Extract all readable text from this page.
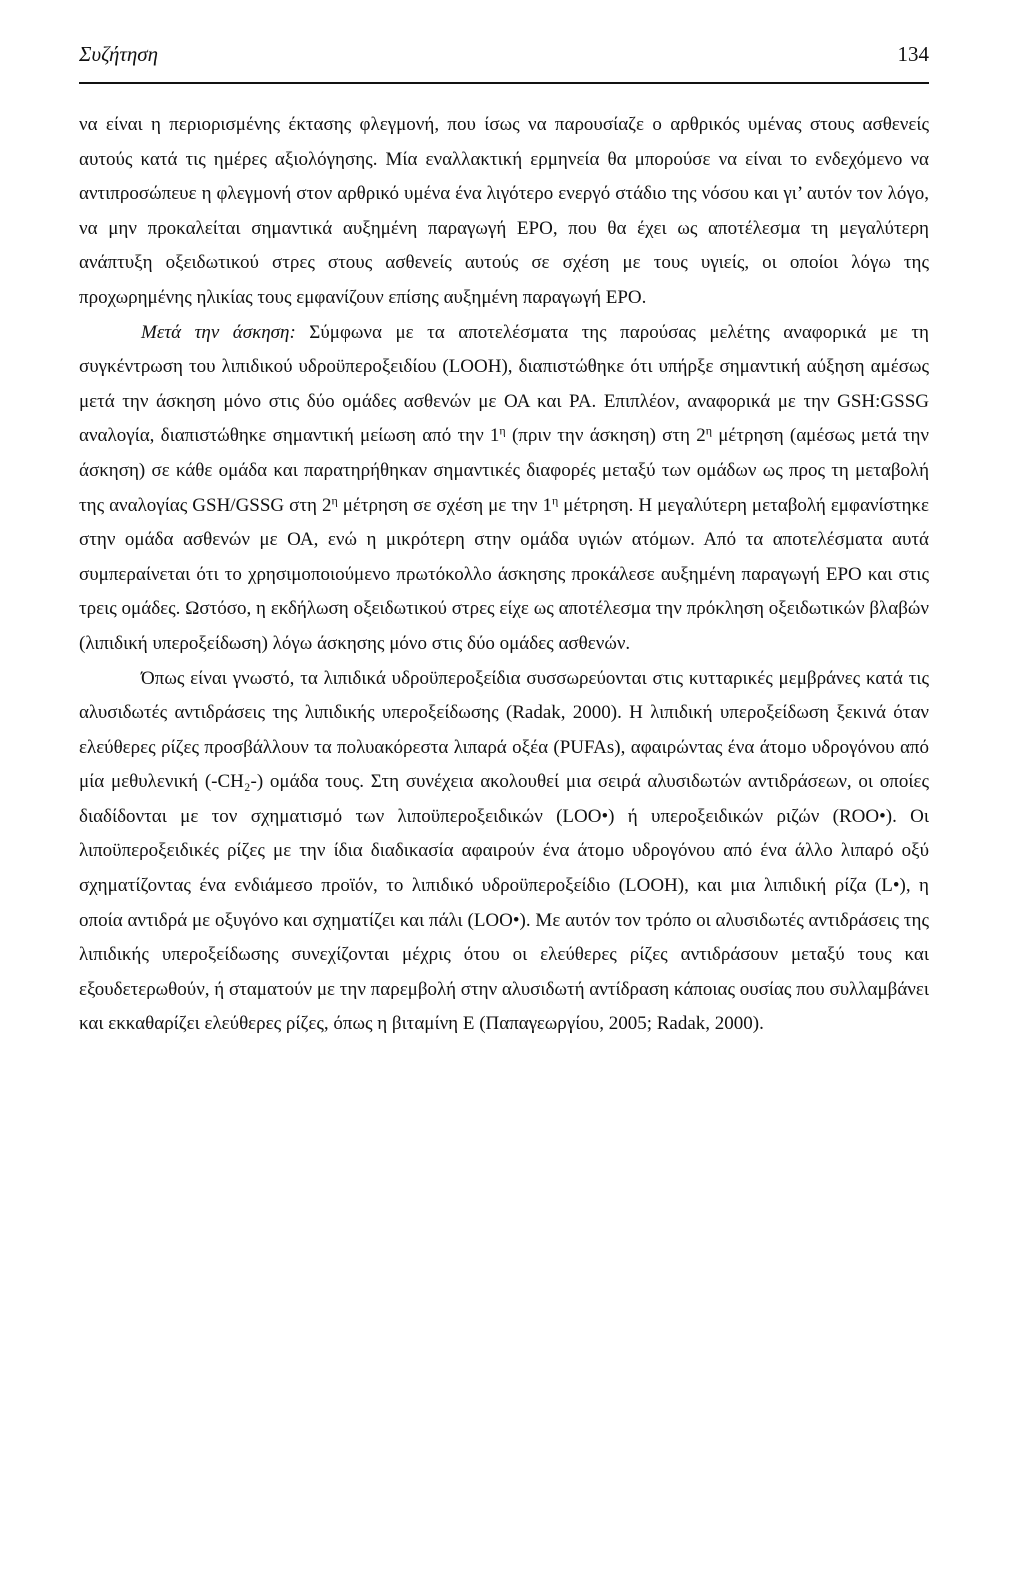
Συζήτηση	134

να είναι η περιορισμένης έκτασης φλεγμονή, που ίσως να παρουσίαζε ο αρθρικός υμένας στους ασθενείς αυτούς κατά τις ημέρες αξιολόγησης. Μία εναλλακτική ερμηνεία θα μπορούσε να είναι το ενδεχόμενο να αντιπροσώπευε η φλεγμονή στον αρθρικό υμένα ένα λιγότερο ενεργό στάδιο της νόσου και γι’ αυτόν τον λόγο, να μην προκαλείται σημαντικά αυξημένη παραγωγή ΕΡΟ, που θα έχει ως αποτέλεσμα τη μεγαλύτερη ανάπτυξη οξειδωτικού στρες στους ασθενείς αυτούς σε σχέση με τους υγιείς, οι οποίοι λόγω της προχωρημένης ηλικίας τους εμφανίζουν επίσης αυξημένη παραγωγή ΕΡΟ.

Μετά την άσκηση: Σύμφωνα με τα αποτελέσματα της παρούσας μελέτης αναφορικά με τη συγκέντρωση του λιπιδικού υδροϋπεροξειδίου (LOOH), διαπιστώθηκε ότι υπήρξε σημαντική αύξηση αμέσως μετά την άσκηση μόνο στις δύο ομάδες ασθενών με ΟΑ και ΡΑ. Επιπλέον, αναφορικά με την GSH:GSSG αναλογία, διαπιστώθηκε σημαντική μείωση από την $1^\eta$ (πριν την άσκηση) στη $2^\eta$ μέτρηση (αμέσως μετά την άσκηση) σε κάθε ομάδα και παρατηρήθηκαν σημαντικές διαφορές μεταξύ των ομάδων ως προς τη μεταβολή της αναλογίας GSH/GSSG στη $2^\eta$ μέτρηση σε σχέση με την $1^\eta$ μέτρηση. Η μεγαλύτερη μεταβολή εμφανίστηκε στην ομάδα ασθενών με ΟΑ, ενώ η μικρότερη στην ομάδα υγιών ατόμων. Από τα αποτελέσματα αυτά συμπεραίνεται ότι το χρησιμοποιούμενο πρωτόκολλο άσκησης προκάλεσε αυξημένη παραγωγή ΕΡΟ και στις τρεις ομάδες. Ωστόσο, η εκδήλωση οξειδωτικού στρες είχε ως αποτέλεσμα την πρόκληση οξειδωτικών βλαβών (λιπιδική υπεροξείδωση) λόγω άσκησης μόνο στις δύο ομάδες ασθενών.

Όπως είναι γνωστό, τα λιπιδικά υδροϋπεροξείδια συσσωρεύονται στις κυτταρικές μεμβράνες κατά τις αλυσιδωτές αντιδράσεις της λιπιδικής υπεροξείδωσης (Radak, 2000). Η λιπιδική υπεροξείδωση ξεκινά όταν ελεύθερες ρίζες προσβάλλουν τα πολυακόρεστα λιπαρά οξέα (PUFAs), αφαιρώντας ένα άτομο υδρογόνου από μία μεθυλενική (-CH₂-) ομάδα τους. Στη συνέχεια ακολουθεί μια σειρά αλυσιδωτών αντιδράσεων, οι οποίες διαδίδονται με τον σχηματισμό των λιποϋπεροξειδικών (LOO•) ή υπεροξειδικών ριζών (ROO•). Οι λιποϋπεροξειδικές ρίζες με την ίδια διαδικασία αφαιρούν ένα άτομο υδρογόνου από ένα άλλο λιπαρό οξύ σχηματίζοντας ένα ενδιάμεσο προϊόν, το λιπιδικό υδροϋπεροξείδιο (LOOH), και μια λιπιδική ρίζα (L•), η οποία αντιδρά με οξυγόνο και σχηματίζει και πάλι (LOO•). Με αυτόν τον τρόπο οι αλυσιδωτές αντιδράσεις της λιπιδικής υπεροξείδωσης συνεχίζονται μέχρις ότου οι ελεύθερες ρίζες αντιδράσουν μεταξύ τους και εξουδετερωθούν, ή σταματούν με την παρεμβολή στην αλυσιδωτή αντίδραση κάποιας ουσίας που συλλαμβάνει και εκκαθαρίζει ελεύθερες ρίζες, όπως η βιταμίνη Ε (Παπαγεωργίου, 2005; Radak, 2000).
